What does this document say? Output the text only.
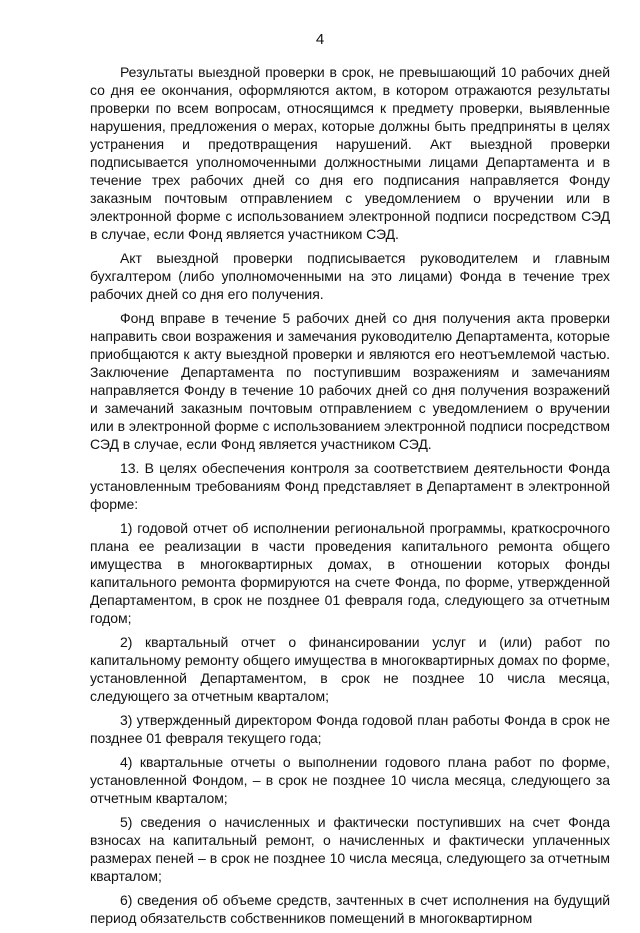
4

Результаты выездной проверки в срок, не превышающий 10 рабочих дней со дня ее окончания, оформляются актом, в котором отражаются результаты проверки по всем вопросам, относящимся к предмету проверки, выявленные нарушения, предложения о мерах, которые должны быть предприняты в целях устранения и предотвращения нарушений. Акт выездной проверки подписывается уполномоченными должностными лицами Департамента и в течение трех рабочих дней со дня его подписания направляется Фонду заказным почтовым отправлением с уведомлением о вручении или в электронной форме с использованием электронной подписи посредством СЭД в случае, если Фонд является участником СЭД.

Акт выездной проверки подписывается руководителем и главным бухгалтером (либо уполномоченными на это лицами) Фонда в течение трех рабочих дней со дня его получения.

Фонд вправе в течение 5 рабочих дней со дня получения акта проверки направить свои возражения и замечания руководителю Департамента, которые приобщаются к акту выездной проверки и являются его неотъемлемой частью. Заключение Департамента по поступившим возражениям и замечаниям направляется Фонду в течение 10 рабочих дней со дня получения возражений и замечаний заказным почтовым отправлением с уведомлением о вручении или в электронной форме с использованием электронной подписи посредством СЭД в случае, если Фонд является участником СЭД.

13. В целях обеспечения контроля за соответствием деятельности Фонда установленным требованиям Фонд представляет в Департамент в электронной форме:

1) годовой отчет об исполнении региональной программы, краткосрочного плана ее реализации в части проведения капитального ремонта общего имущества в многоквартирных домах, в отношении которых фонды капитального ремонта формируются на счете Фонда, по форме, утвержденной Департаментом, в срок не позднее 01 февраля года, следующего за отчетным годом;

2) квартальный отчет о финансировании услуг и (или) работ по капитальному ремонту общего имущества в многоквартирных домах по форме, установленной Департаментом, в срок не позднее 10 числа месяца, следующего за отчетным кварталом;

3) утвержденный директором Фонда годовой план работы Фонда в срок не позднее 01 февраля текущего года;

4) квартальные отчеты о выполнении годового плана работ по форме, установленной Фондом, – в срок не позднее 10 числа месяца, следующего за отчетным кварталом;

5) сведения о начисленных и фактически поступивших на счет Фонда взносах на капитальный ремонт, о начисленных и фактически уплаченных размерах пеней – в срок не позднее 10 числа месяца, следующего за отчетным кварталом;

6) сведения об объеме средств, зачтенных в счет исполнения на будущий период обязательств собственников помещений в многоквартирном
